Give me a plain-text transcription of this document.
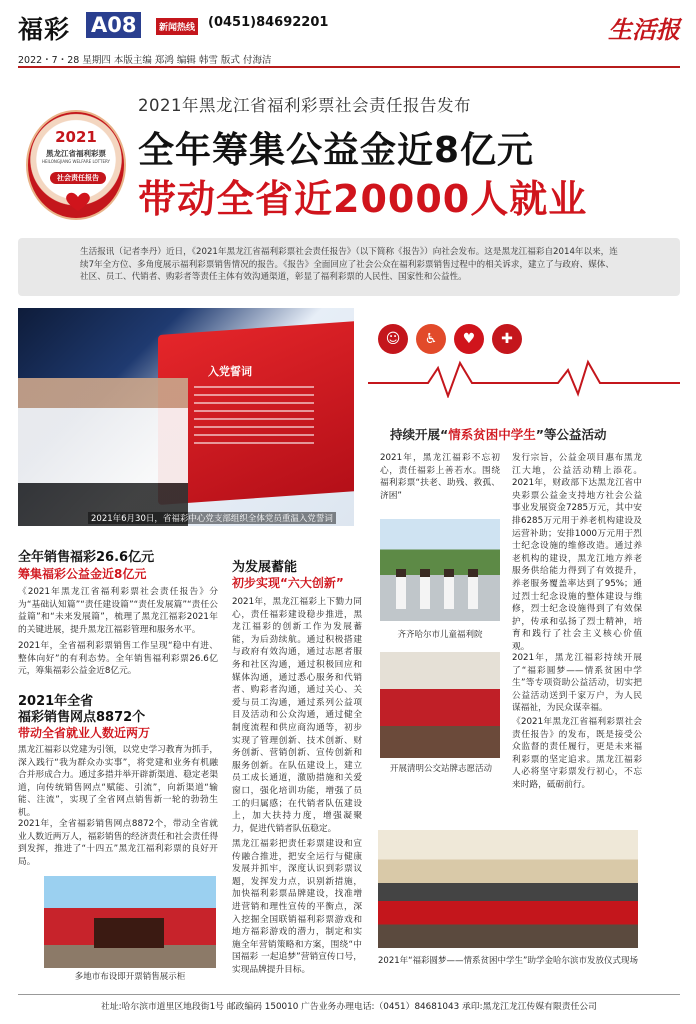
福彩 A08	新闻热线 (0451)84692201	生活报
2022・7・28 星期四 本版主编 郑鸿 编辑 韩雪 版式 付海洁
2021
黑龙江省福利彩票
HEILONGJIANG WELFARE LOTTERY
社会责任报告
2021年黑龙江省福利彩票社会责任报告发布
全年筹集公益金近8亿元
带动全省近20000人就业
生活报讯（记者李丹）近日，《2021年黑龙江省福利彩票社会责任报告》（以下简称《报告》）向社会发布。这是黑龙江福彩自2014年以来，连续7年全方位、多角度展示福利彩票销售情况的报告。《报告》全面回应了社会公众在福利彩票销售过程中的相关诉求，建立了与政府、媒体、社区、员工、代销者、购彩者等责任主体有效沟通渠道，彰显了福利彩票的人民性、国家性和公益性。
入党誓词
2021年6月30日，省福彩中心党支部组织全体党员重温入党誓词
☺	♿	♥	✚
持续开展“情系贫困中学生”等公益活动
全年销售福彩26.6亿元
筹集福彩公益金近8亿元
《2021年黑龙江省福利彩票社会责任报告》分为“基础认知篇”“责任建设篇”“责任发展篇”“责任公益篇”和“未来发展篇”，梳理了黑龙江福彩2021年的关键进展，提升黑龙江福彩管理和服务水平。
2021年，全省福利彩票销售工作呈现“稳中有进、整体向好”的有利态势。全年销售福利彩票26.6亿元，筹集福彩公益金近8亿元。
2021年全省
福彩销售网点8872个
带动全省就业人数近两万
黑龙江福彩以党建为引领，以党史学习教育为抓手，深入践行“我为群众办实事”，将党建和业务有机融合并形成合力。通过多措并举开辟新渠道、稳定老渠道，向传统销售网点“赋能、引流”，向新渠道“输能、注流”，实现了全省网点销售新一轮的勃勃生机。
2021年，全省福彩销售网点8872个，带动全省就业人数近两万人，福彩销售的经济责任和社会责任得到发挥，推进了“十四五”黑龙江福利彩票的良好开局。
多地市布设即开票销售展示柜
为发展蓄能
初步实现“六大创新”
2021年，黑龙江福彩上下勠力同心，责任福彩建设稳步推进，黑龙江福彩的创新工作为发展蓄能，为后劲续航。通过积极搭建与政府有效沟通，通过志愿者服务和社区沟通，通过积极回应和媒体沟通，通过悉心服务和代销者、购彩者沟通，通过关心、关爱与员工沟通，通过系列公益项目及活动和公众沟通，通过健全制度流程和供应商沟通等，初步实现了管理创新、技术创新、财务创新、营销创新、宣传创新和服务创新。在队伍建设上，建立员工成长通道，激励措施和关爱窗口，强化培训功能，增强了员工的归属感；在代销者队伍建设上，加大扶持力度，增强凝聚力，促进代销者队伍稳定。
黑龙江福彩把责任彩票建设和宣传融合推进，把安全运行与健康发展并抓牢，深度认识到彩票议题，发挥发力点，识别新措施，加快福利彩票品牌建设，找准增进营销和理性宣传的平衡点，深入挖掘全国联销福利彩票游戏和地方福彩游戏的潜力，制定和实施全年营销策略和方案，围绕“中国福彩 一起追梦”营销宣传口号，实现品牌提升目标。
2021年，黑龙江福彩不忘初心，责任福彩上善若水。围绕福利彩票“扶老、助残、救孤、济困”
齐齐哈尔市儿童福利院
开展清明公交站牌志愿活动
发行宗旨，公益金项目惠布黑龙江大地，公益活动精上添花。2021年，财政部下达黑龙江省中央彩票公益金支持地方社会公益事业发展资金7285万元，其中安排6285万元用于养老机构建设及运营补助；安排1000万元用于烈士纪念设施的维修改造。通过养老机构的建设，黑龙江地方养老服务供给能力得到了有效提升，养老服务覆盖率达到了95%；通过烈士纪念设施的整体建设与维修，烈士纪念设施得到了有效保护，传承和弘扬了烈士精神，培育和践行了社会主义核心价值观。
2021年，黑龙江福彩持续开展了“福彩圆梦——情系贫困中学生”等专项资助公益活动，切实把公益活动送到千家万户，为人民谋福祉，为民众谋幸福。
《2021年黑龙江省福利彩票社会责任报告》的发布，既是接受公众监督的责任履行，更是未来福利彩票的坚定追求。黑龙江福彩人必将坚守彩票发行初心，不忘来时路，砥砺前行。
2021年“福彩圆梦——情系贫困中学生”助学金哈尔滨市发放仪式现场
社址:哈尔滨市道里区地段街1号 邮政编码 150010 广告业务办理电话:（0451）84681043 承印:黑龙江龙江传媒有限责任公司
